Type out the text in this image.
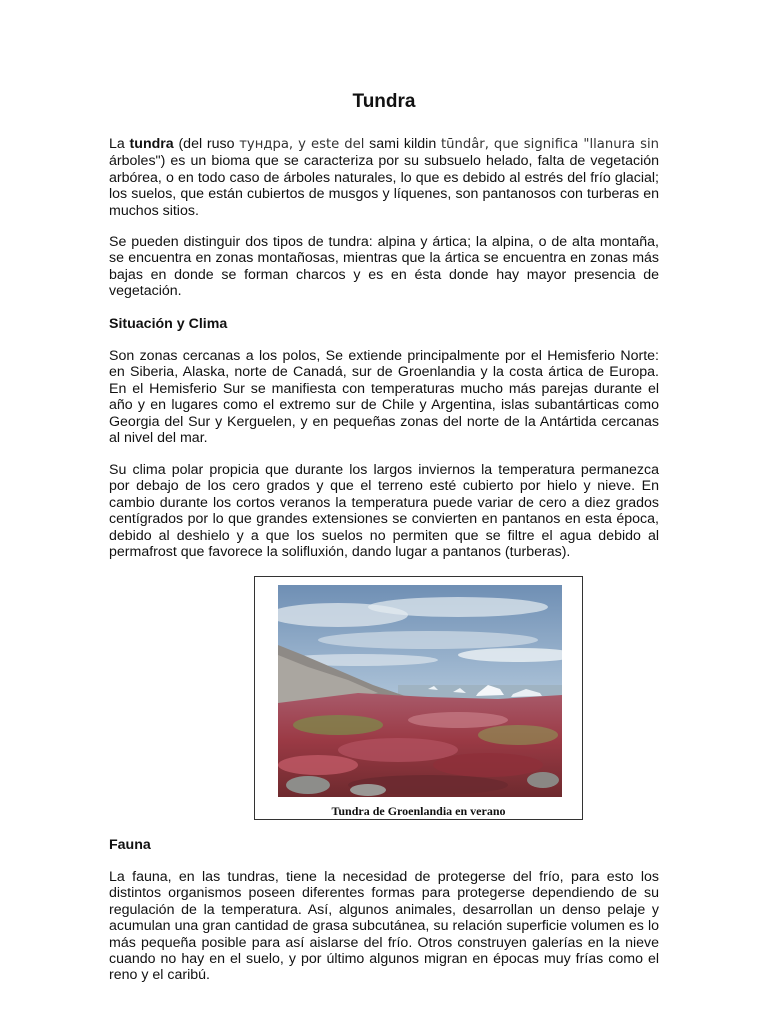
Tundra

La tundra (del ruso тундра, y este del sami kildin tūndâr, que significa "llanura sin árboles") es un bioma que se caracteriza por su subsuelo helado, falta de vegetación arbórea, o en todo caso de árboles naturales, lo que es debido al estrés del frío glacial; los suelos, que están cubiertos de musgos y líquenes, son pantanosos con turberas en muchos sitios.

Se pueden distinguir dos tipos de tundra: alpina y ártica; la alpina, o de alta montaña, se encuentra en zonas montañosas, mientras que la ártica se encuentra en zonas más bajas en donde se forman charcos y es en ésta donde hay mayor presencia de vegetación.

Situación y Clima

Son zonas cercanas a los polos, Se extiende principalmente por el Hemisferio Norte: en Siberia, Alaska, norte de Canadá, sur de Groenlandia y la costa ártica de Europa. En el Hemisferio Sur se manifiesta con temperaturas mucho más parejas durante el año y en lugares como el extremo sur de Chile y Argentina, islas subantárticas como Georgia del Sur y Kerguelen, y en pequeñas zonas del norte de la Antártida cercanas al nivel del mar.

Su clima polar propicia que durante los largos inviernos la temperatura permanezca por debajo de los cero grados y que el terreno esté cubierto por hielo y nieve. En cambio durante los cortos veranos la temperatura puede variar de cero a diez grados centígrados por lo que grandes extensiones se convierten en pantanos en esta época, debido al deshielo y a que los suelos no permiten que se filtre el agua debido al permafrost que favorece la solifluxión, dando lugar a pantanos (turberas).

Tundra de Groenlandia en verano
Fauna

La fauna, en las tundras, tiene la necesidad de protegerse del frío, para esto los distintos organismos poseen diferentes formas para protegerse dependiendo de su regulación de la temperatura. Así, algunos animales, desarrollan un denso pelaje y acumulan una gran cantidad de grasa subcutánea, su relación superficie volumen es lo más pequeña posible para así aislarse del frío. Otros construyen galerías en la nieve cuando no hay en el suelo, y por último algunos migran en épocas muy frías como el reno y el caribú.
